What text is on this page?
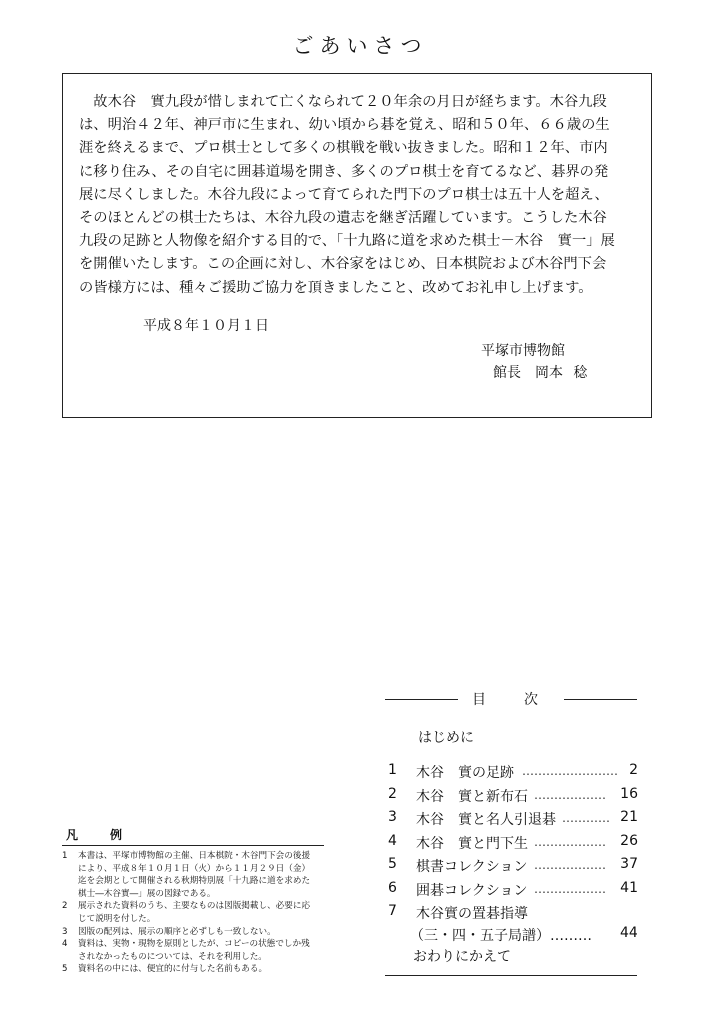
ごあいさつ
　故木谷　實九段が惜しまれて亡くなられて２０年余の月日が経ちます。木谷九段
は、明治４２年、神戸市に生まれ、幼い頃から碁を覚え、昭和５０年、６６歳の生
涯を終えるまで、プロ棋士として多くの棋戦を戦い抜きました。昭和１２年、市内
に移り住み、その自宅に囲碁道場を開き、多くのプロ棋士を育てるなど、碁界の発
展に尽くしました。木谷九段によって育てられた門下のプロ棋士は五十人を超え、
そのほとんどの棋士たちは、木谷九段の遺志を継ぎ活躍しています。こうした木谷
九段の足跡と人物像を紹介する目的で、「十九路に道を求めた棋士－木谷　實一」展
を開催いたします。この企画に対し、木谷家をはじめ、日本棋院および木谷門下会
の皆様方には、種々ご援助ご協力を頂きましたこと、改めてお礼申し上げます。
平成８年１０月１日
平塚市博物館
館長　岡本 稔
凡　例
1	本書は、平塚市博物館の主催、日本棋院・木谷門下会の後援
により、平成８年１０月１日（火）から１１月２９日（金）
迄を会期として開催される秋期特別展「十九路に道を求めた
棋士―木谷實―」展の図録である。
2	展示された資料のうち、主要なものは図版掲載し、必要に応
じて説明を付した。
3	図版の配列は、展示の順序と必ずしも一致しない。
4	資料は、実物・現物を原則としたが、コピーの状態でしか残
されなかったものについては、それを利用した。
5	資料名の中には、便宜的に付与した名前もある。
目　次
はじめに
1	木谷　實の足跡 …………………… 2
2	木谷　實と新布石 ……………… 16
3	木谷　實と名人引退碁 ………… 21
4	木谷　實と門下生 ……………… 26
5	棋書コレクション ……………… 37
6	囲碁コレクション ……………… 41
7	木谷實の置碁指導
（三・四・五子局譜）……… 44
おわりにかえて
